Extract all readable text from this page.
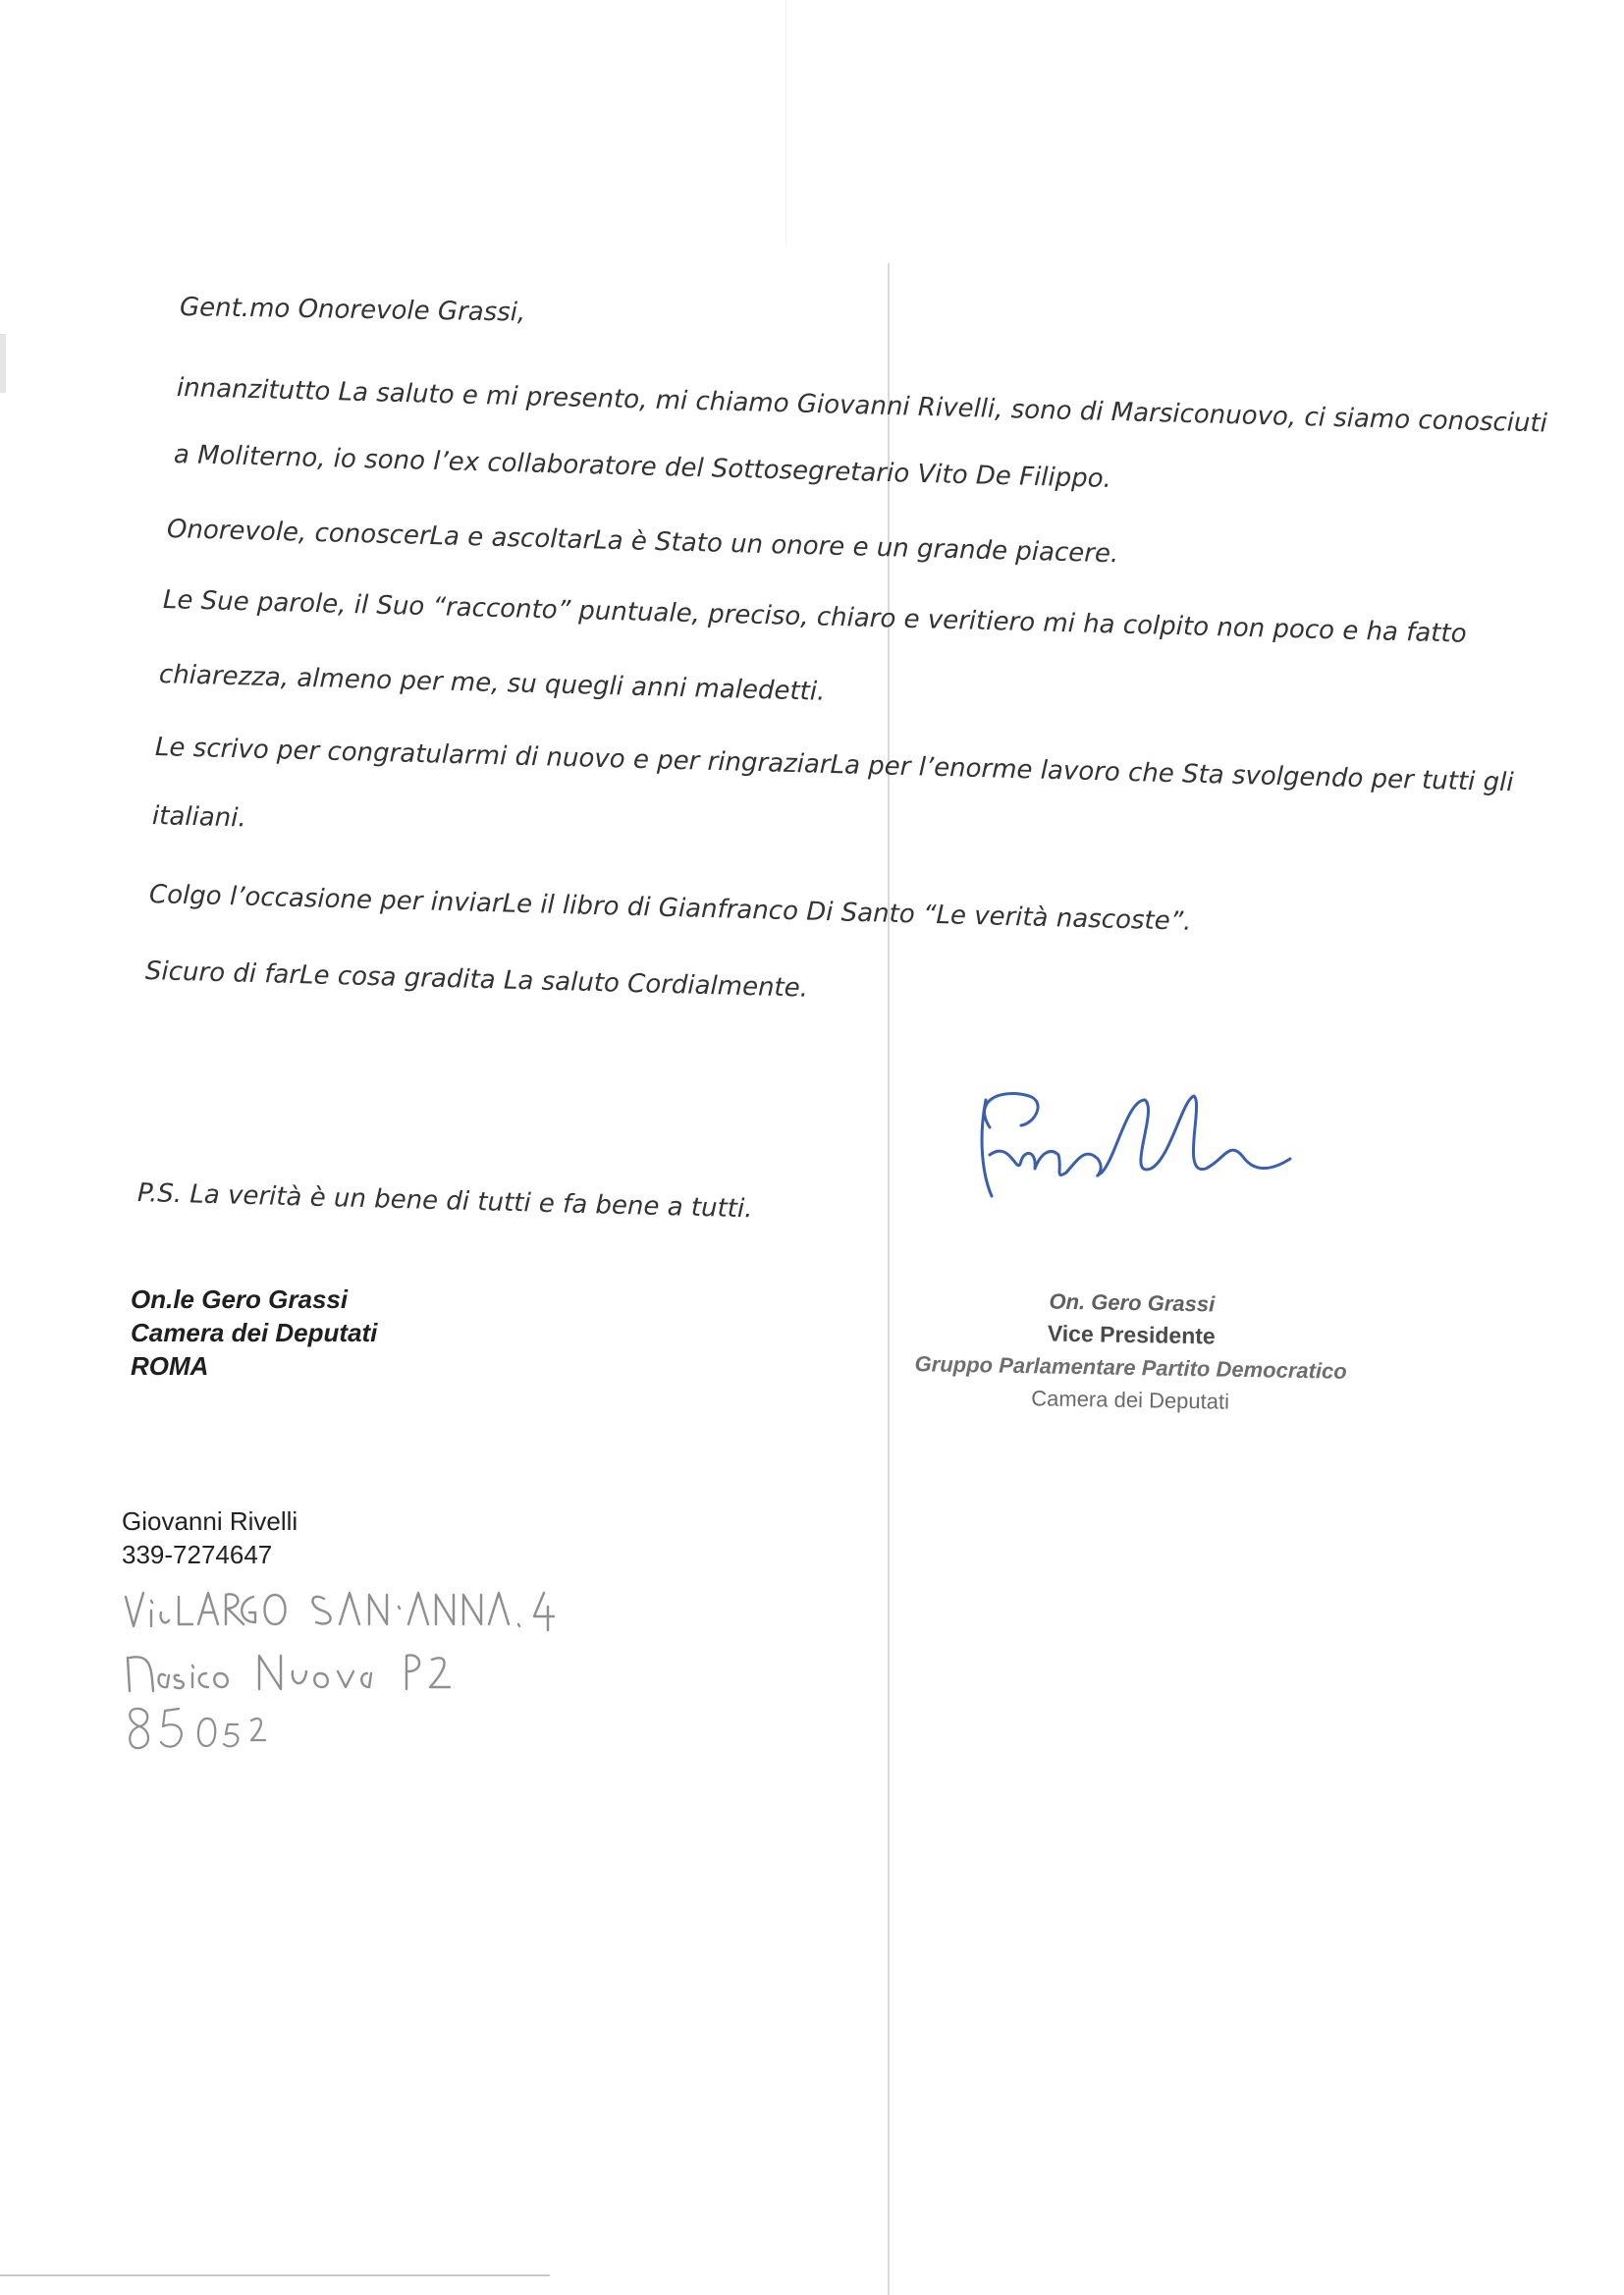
Gent.mo Onorevole Grassi,

innanzitutto La saluto e mi presento, mi chiamo Giovanni Rivelli, sono di Marsiconuovo, ci siamo conosciuti

a Moliterno, io sono l’ex collaboratore del Sottosegretario Vito De Filippo.

Onorevole, conoscerLa e ascoltarLa è Stato un onore e un grande piacere.

Le Sue parole, il Suo “racconto” puntuale, preciso, chiaro e veritiero mi ha colpito non poco e ha fatto

chiarezza, almeno per me, su quegli anni maledetti.

Le scrivo per congratularmi di nuovo e per ringraziarLa per l’enorme lavoro che Sta svolgendo per tutti gli

italiani.

Colgo l’occasione per inviarLe il libro di Gianfranco Di Santo “Le verità nascoste”.

Sicuro di farLe cosa gradita La saluto Cordialmente.

P.S. La verità è un bene di tutti e fa bene a tutti.

On.le Gero Grassi
Camera dei Deputati
ROMA
On. Gero Grassi
Vice Presidente
Gruppo Parlamentare Partito Democratico
Camera dei Deputati
Giovanni Rivelli
339-7274647
